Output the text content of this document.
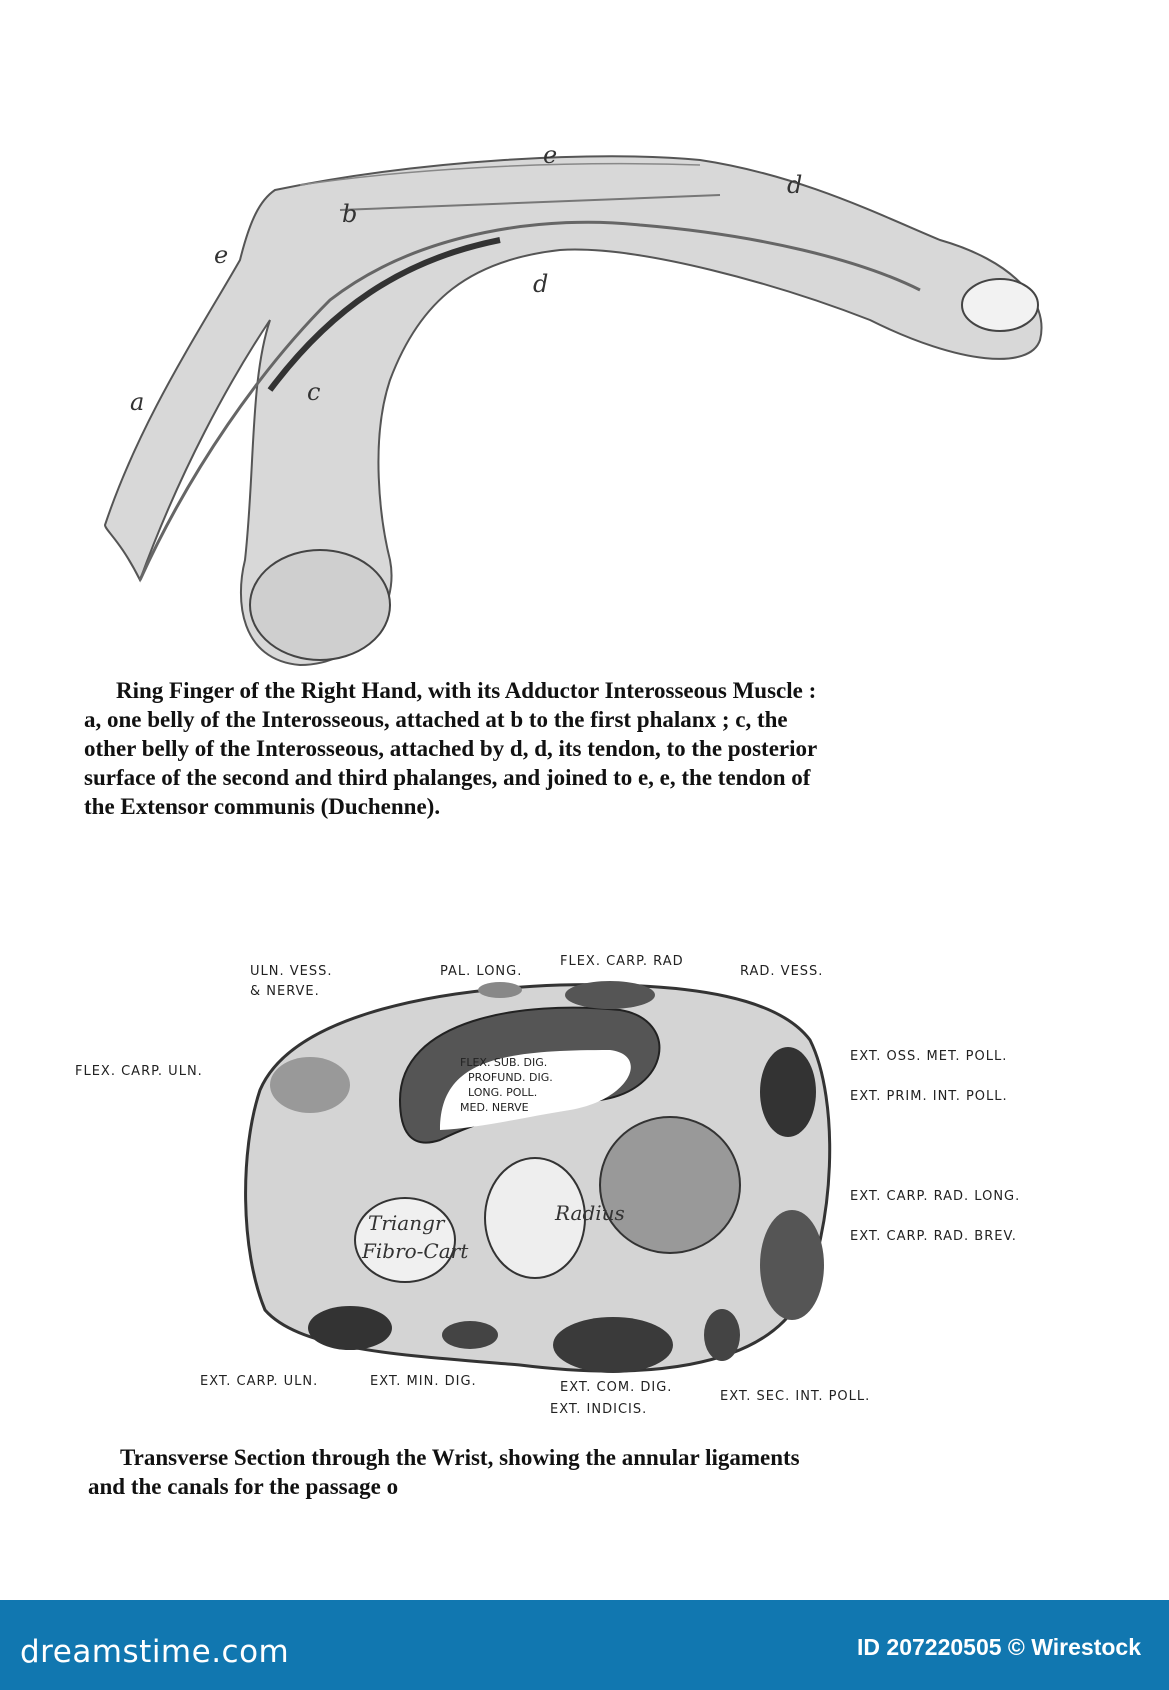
e
d
b
e
d
a	c
ULN. VESS.
& NERVE.
PAL. LONG.
FLEX. CARP. RAD
RAD. VESS.
FLEX. CARP. ULN.
EXT. OSS. MET. POLL.
EXT. PRIM. INT. POLL.
EXT. CARP. RAD. LONG.
EXT. CARP. RAD. BREV.
EXT. CARP. ULN.	EXT. MIN. DIG.	EXT. COM. DIG.
EXT. INDICIS.
EXT. SEC. INT. POLL.
FLEX. SUB. DIG.
PROFUND. DIG.
LONG. POLL.
MED. NERVE
Triangr
Fibro-Cart
Radius
Ring Finger of the Right Hand, with its Adductor Interosseous Muscle :
a, one belly of the Interosseous, attached at b to the first phalanx ; c, the
other belly of the Interosseous, attached by d, d, its tendon, to the posterior
surface of the second and third phalanges, and joined to e, e, the tendon of
the Extensor communis (Duchenne).
Transverse Section through the Wrist, showing the annular ligaments
and the canals for the passage o
dreamstime.com	ID 207220505 © Wirestock
